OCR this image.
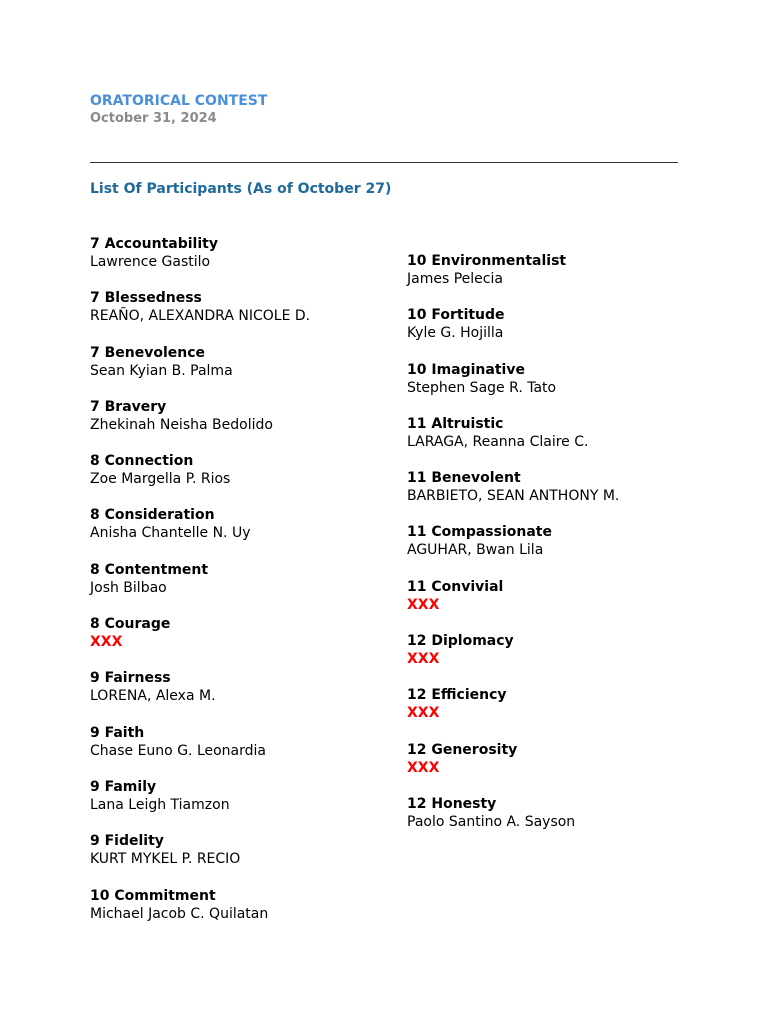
ORATORICAL CONTEST
October 31, 2024
List Of Participants (As of October 27)
7 Accountability
Lawrence Gastilo
7 Blessedness
REAÑO, ALEXANDRA NICOLE D.
7 Benevolence
Sean Kyian B. Palma
7 Bravery
Zhekinah Neisha Bedolido
8 Connection
Zoe Margella P. Rios
8 Consideration
Anisha Chantelle N. Uy
8 Contentment
Josh Bilbao
8 Courage
XXX
9 Fairness
LORENA, Alexa M.
9 Faith
Chase Euno G. Leonardia
9 Family
Lana Leigh Tiamzon
9 Fidelity
KURT MYKEL P. RECIO
10 Commitment
Michael Jacob C. Quilatan
10 Environmentalist
James Pelecia
10 Fortitude
Kyle G. Hojilla
10 Imaginative
Stephen Sage R. Tato
11 Altruistic
LARAGA, Reanna Claire C.
11 Benevolent
BARBIETO, SEAN ANTHONY M.
11 Compassionate
AGUHAR, Bwan Lila
11 Convivial
XXX
12 Diplomacy
XXX
12 Efficiency
XXX
12 Generosity
XXX
12 Honesty
Paolo Santino A. Sayson
